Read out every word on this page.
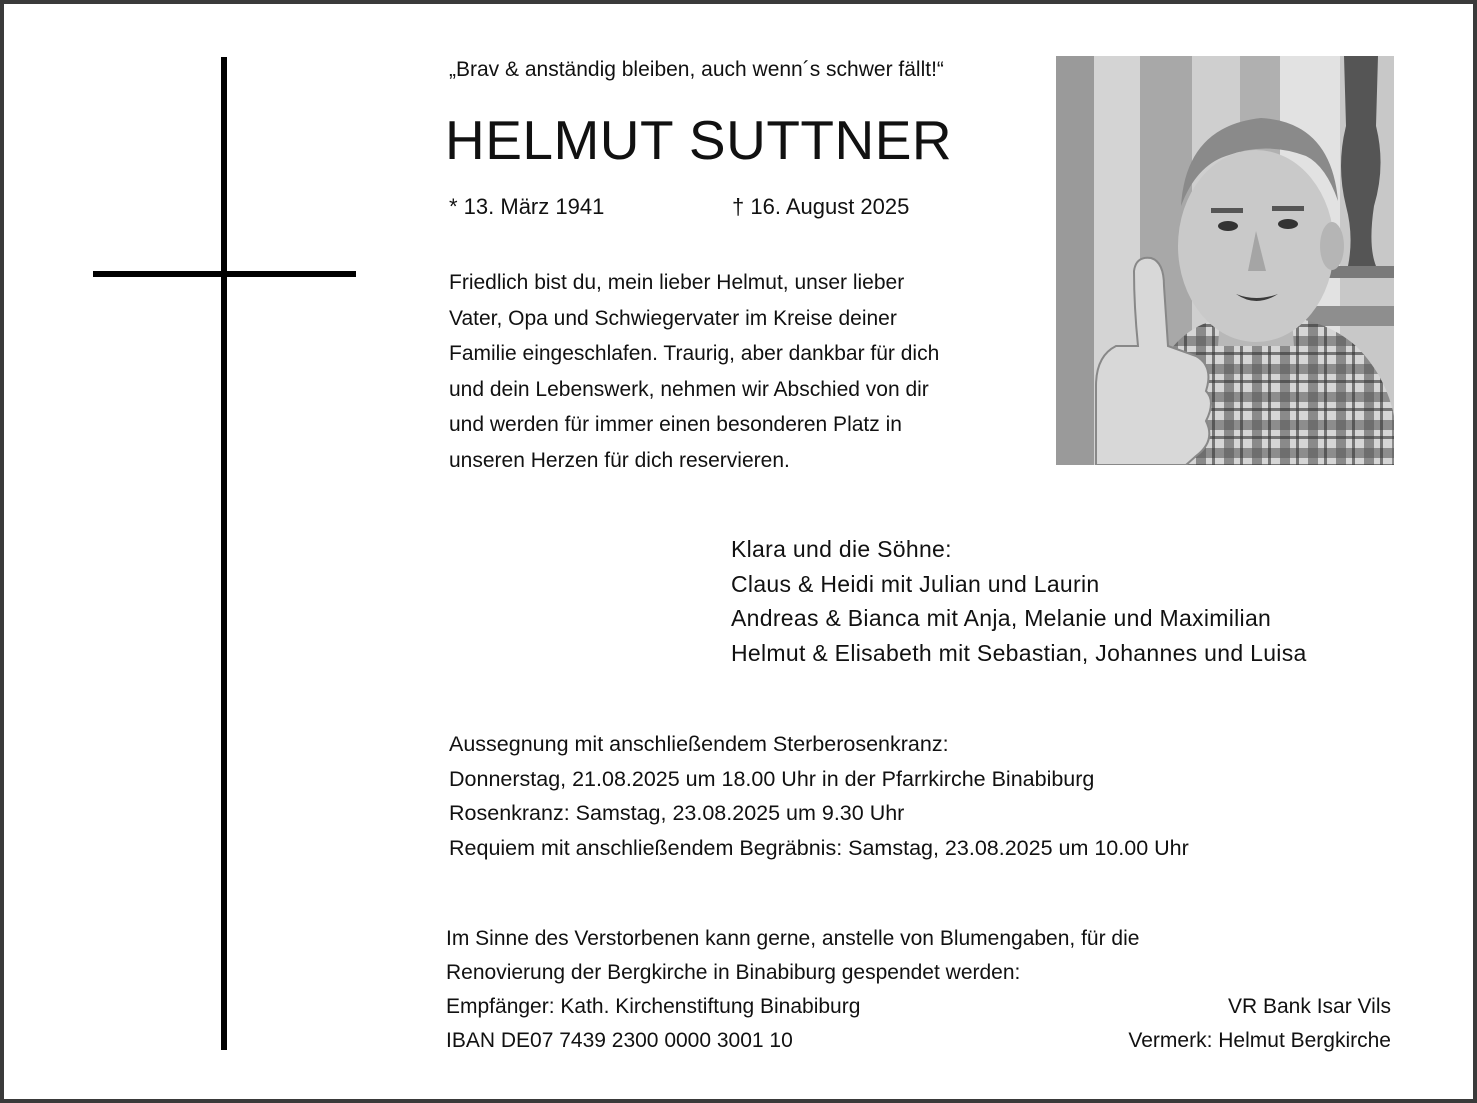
„Brav & anständig bleiben, auch wenn´s schwer fällt!“
HELMUT SUTTNER
* 13. März 1941	† 16. August 2025
Friedlich bist du, mein lieber Helmut, unser lieber
Vater, Opa und Schwiegervater im Kreise deiner
Familie eingeschlafen. Traurig, aber dankbar für dich
und dein Lebenswerk, nehmen wir Abschied von dir
und werden für immer einen besonderen Platz in
unseren Herzen für dich reservieren.
Klara und die Söhne:
Claus & Heidi mit Julian und Laurin
Andreas & Bianca mit Anja, Melanie und Maximilian
Helmut & Elisabeth mit Sebastian, Johannes und Luisa
Aussegnung mit anschließendem Sterberosenkranz:
Donnerstag, 21.08.2025 um 18.00 Uhr in der Pfarrkirche Binabiburg
Rosenkranz: Samstag, 23.08.2025 um 9.30 Uhr
Requiem mit anschließendem Begräbnis: Samstag, 23.08.2025 um 10.00 Uhr
Im Sinne des Verstorbenen kann gerne, anstelle von Blumengaben, für die
Renovierung der Bergkirche in Binabiburg gespendet werden:
Empfänger: Kath. Kirchenstiftung Binabiburg
IBAN DE07 7439 2300 0000 3001 10
VR Bank Isar Vils
Vermerk: Helmut Bergkirche
